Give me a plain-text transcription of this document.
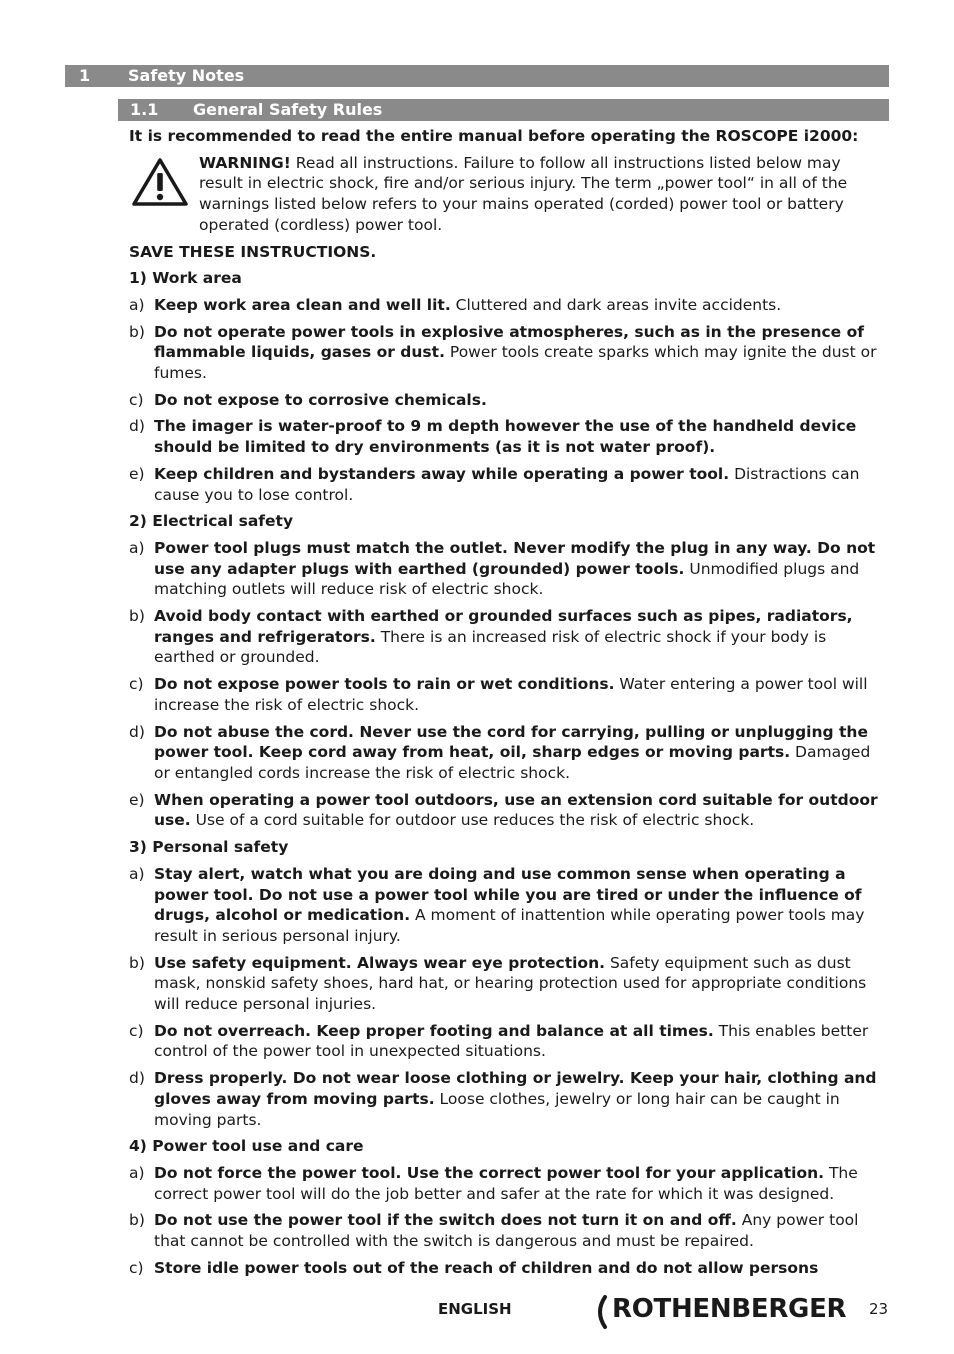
1 Safety Notes
1.1 General Safety Rules
It is recommended to read the entire manual before operating the ROSCOPE i2000:
WARNING! Read all instructions. Failure to follow all instructions listed below may result in electric shock, fire and/or serious injury. The term „power tool“ in all of the warnings listed below refers to your mains operated (corded) power tool or battery operated (cordless) power tool.
SAVE THESE INSTRUCTIONS.
1) Work area
a) Keep work area clean and well lit. Cluttered and dark areas invite accidents.
b) Do not operate power tools in explosive atmospheres, such as in the presence of flammable liquids, gases or dust. Power tools create sparks which may ignite the dust or fumes.
c) Do not expose to corrosive chemicals.
d) The imager is water-proof to 9 m depth however the use of the handheld device should be limited to dry environments (as it is not water proof).
e) Keep children and bystanders away while operating a power tool. Distractions can cause you to lose control.
2) Electrical safety
a) Power tool plugs must match the outlet. Never modify the plug in any way. Do not use any adapter plugs with earthed (grounded) power tools. Unmodified plugs and matching outlets will reduce risk of electric shock.
b) Avoid body contact with earthed or grounded surfaces such as pipes, radiators, ranges and refrigerators. There is an increased risk of electric shock if your body is earthed or grounded.
c) Do not expose power tools to rain or wet conditions. Water entering a power tool will increase the risk of electric shock.
d) Do not abuse the cord. Never use the cord for carrying, pulling or unplugging the power tool. Keep cord away from heat, oil, sharp edges or moving parts. Damaged or entangled cords increase the risk of electric shock.
e) When operating a power tool outdoors, use an extension cord suitable for outdoor use. Use of a cord suitable for outdoor use reduces the risk of electric shock.
3) Personal safety
a) Stay alert, watch what you are doing and use common sense when operating a power tool. Do not use a power tool while you are tired or under the influence of drugs, alcohol or medication. A moment of inattention while operating power tools may result in serious personal injury.
b) Use safety equipment. Always wear eye protection. Safety equipment such as dust mask, nonskid safety shoes, hard hat, or hearing protection used for appropriate conditions will reduce personal injuries.
c) Do not overreach. Keep proper footing and balance at all times. This enables better control of the power tool in unexpected situations.
d) Dress properly. Do not wear loose clothing or jewelry. Keep your hair, clothing and gloves away from moving parts. Loose clothes, jewelry or long hair can be caught in moving parts.
4) Power tool use and care
a) Do not force the power tool. Use the correct power tool for your application. The correct power tool will do the job better and safer at the rate for which it was designed.
b) Do not use the power tool if the switch does not turn it on and off. Any power tool that cannot be controlled with the switch is dangerous and must be repaired.
c) Store idle power tools out of the reach of children and do not allow persons
ENGLISH	ROTHENBERGER 23
